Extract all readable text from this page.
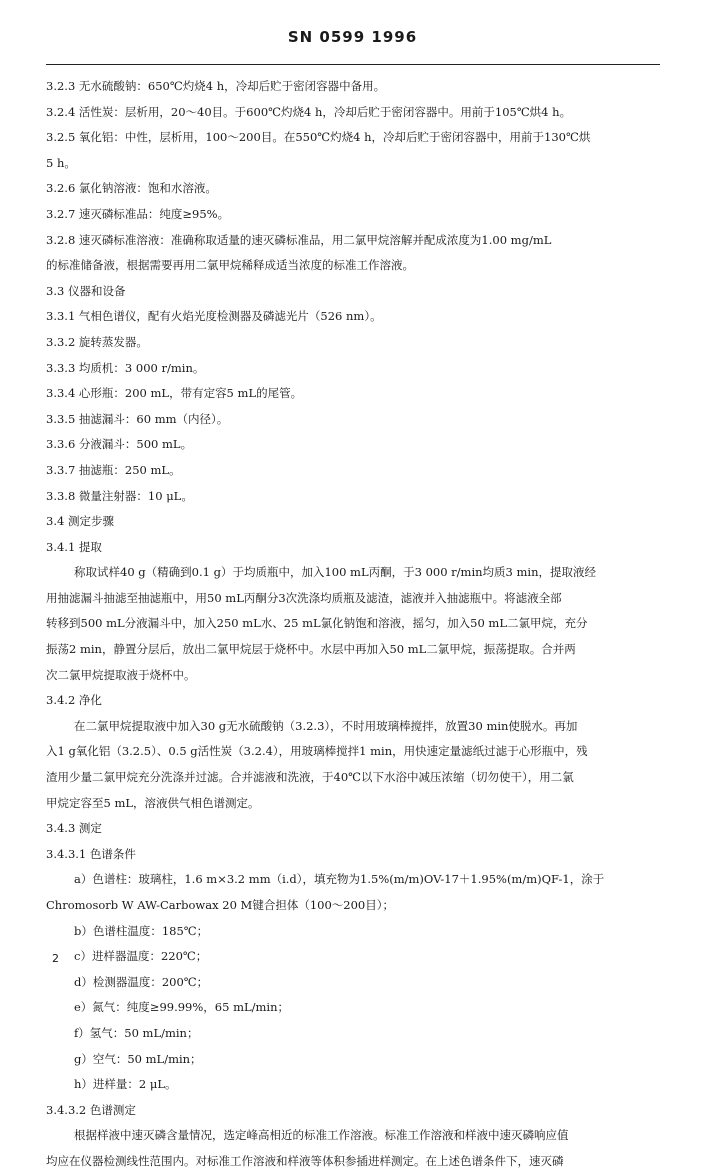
SN 0599 1996
3.2.3 无水硫酸钠：650℃灼烧4 h，冷却后贮于密闭容器中备用。
3.2.4 活性炭：层析用，20～40目。于600℃灼烧4 h，冷却后贮于密闭容器中。用前于105℃烘4 h。
3.2.5 氧化铝：中性，层析用，100～200目。在550℃灼烧4 h，冷却后贮于密闭容器中，用前于130℃烘
5 h。
3.2.6 氯化钠溶液：饱和水溶液。
3.2.7 速灭磷标准品：纯度≥95%。
3.2.8 速灭磷标准溶液：准确称取适量的速灭磷标准品，用二氯甲烷溶解并配成浓度为1.00 mg/mL
的标准储备液，根据需要再用二氯甲烷稀释成适当浓度的标准工作溶液。
3.3 仪器和设备
3.3.1 气相色谱仪，配有火焰光度检测器及磷滤光片（526 nm）。
3.3.2 旋转蒸发器。
3.3.3 均质机：3 000 r/min。
3.3.4 心形瓶：200 mL，带有定容5 mL的尾管。
3.3.5 抽滤漏斗：60 mm（内径）。
3.3.6 分液漏斗：500 mL。
3.3.7 抽滤瓶：250 mL。
3.3.8 微量注射器：10 μL。
3.4 测定步骤
3.4.1 提取
称取试样40 g（精确到0.1 g）于均质瓶中，加入100 mL丙酮，于3 000 r/min均质3 min，提取液经
用抽滤漏斗抽滤至抽滤瓶中，用50 mL丙酮分3次洗涤均质瓶及滤渣，滤液并入抽滤瓶中。将滤液全部
转移到500 mL分液漏斗中，加入250 mL水、25 mL氯化钠饱和溶液，摇匀，加入50 mL二氯甲烷，充分
振荡2 min，静置分层后，放出二氯甲烷层于烧杯中。水层中再加入50 mL二氯甲烷，振荡提取。合并两
次二氯甲烷提取液于烧杯中。
3.4.2 净化
在二氯甲烷提取液中加入30 g无水硫酸钠（3.2.3），不时用玻璃棒搅拌，放置30 min使脱水。再加
入1 g氧化铝（3.2.5）、0.5 g活性炭（3.2.4），用玻璃棒搅拌1 min，用快速定量滤纸过滤于心形瓶中，残
渣用少量二氯甲烷充分洗涤并过滤。合并滤液和洗液，于40℃以下水浴中减压浓缩（切勿使干），用二氯
甲烷定容至5 mL，溶液供气相色谱测定。
3.4.3 测定
3.4.3.1 色谱条件
a）色谱柱：玻璃柱，1.6 m×3.2 mm（i.d），填充物为1.5%(m/m)OV-17＋1.95%(m/m)QF-1，涂于
Chromosorb W AW-Carbowax 20 M键合担体（100～200目）；
b）色谱柱温度：185℃；
c）进样器温度：220℃；
d）检测器温度：200℃；
e）氮气：纯度≥99.99%，65 mL/min；
f）氢气：50 mL/min；
g）空气：50 mL/min；
h）进样量：2 μL。
3.4.3.2 色谱测定
根据样液中速灭磷含量情况，选定峰高相近的标准工作溶液。标准工作溶液和样液中速灭磷响应值
均应在仪器检测线性范围内。对标准工作溶液和样液等体积参插进样测定。在上述色谱条件下，速灭磷
2
